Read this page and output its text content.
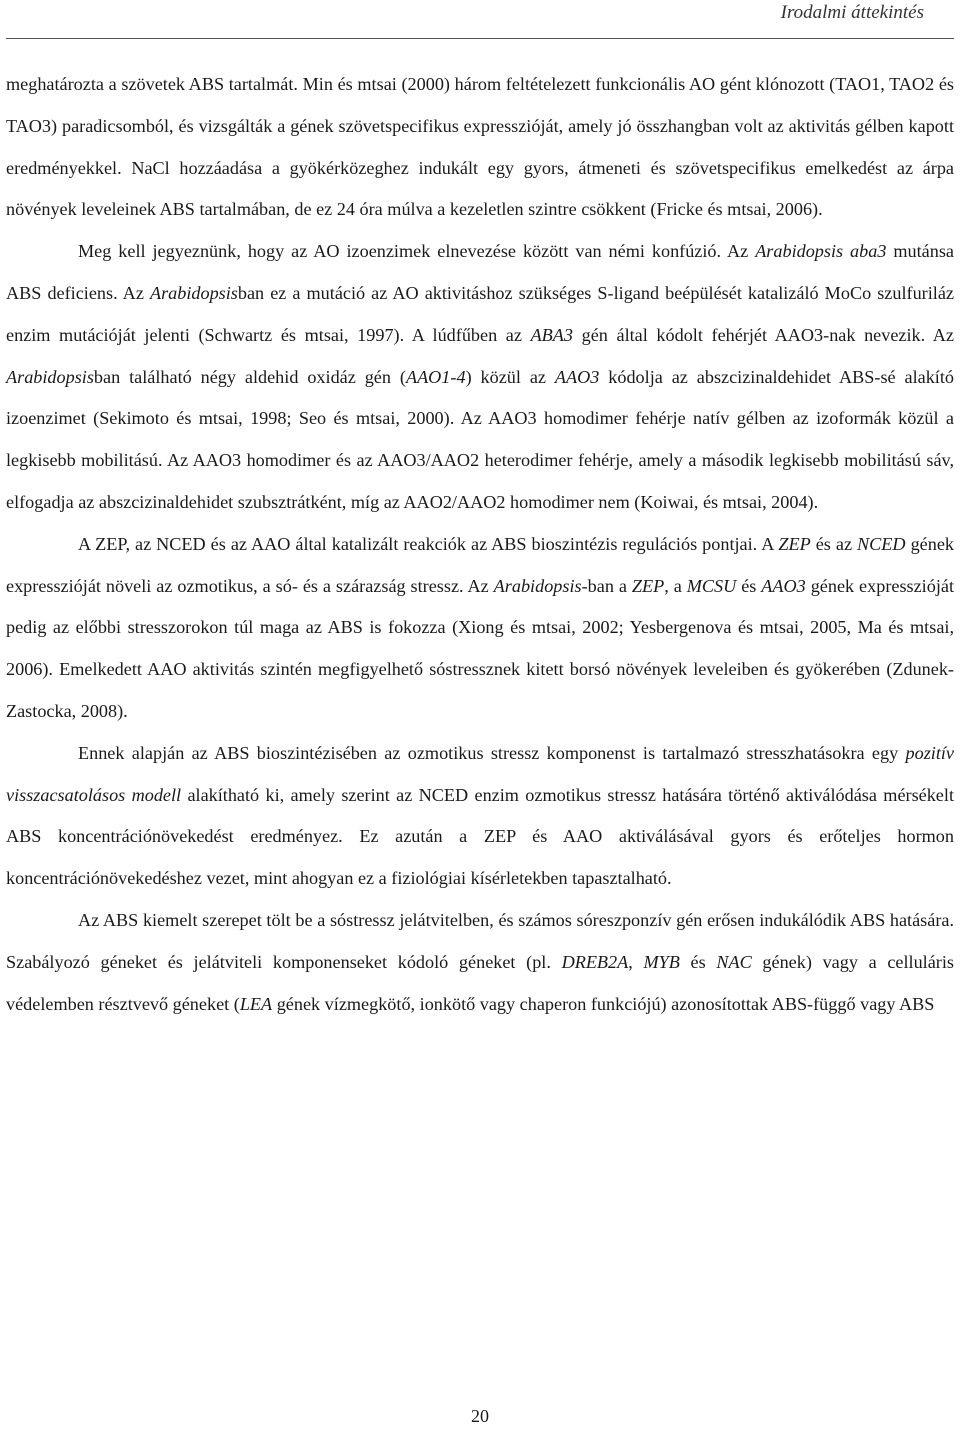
Irodalmi áttekintés

meghatározta a szövetek ABS tartalmát. Min és mtsai (2000) három feltételezett funkcionális AO gént klónozott (TAO1, TAO2 és TAO3) paradicsomból, és vizsgálták a gének szövetspecifikus expresszióját, amely jó összhangban volt az aktivitás gélben kapott eredményekkel. NaCl hozzáadása a gyökérközeghez indukált egy gyors, átmeneti és szövetspecifikus emelkedést az árpa növények leveleinek ABS tartalmában, de ez 24 óra múlva a kezeletlen szintre csökkent (Fricke és mtsai, 2006).

Meg kell jegyeznünk, hogy az AO izoenzimek elnevezése között van némi konfúzió. Az Arabidopsis aba3 mutánsa ABS deficiens. Az Arabidopsisban ez a mutáció az AO aktivitáshoz szükséges S-ligand beépülését katalizáló MoCo szulfuriláz enzim mutációját jelenti (Schwartz és mtsai, 1997). A lúdfűben az ABA3 gén által kódolt fehérjét AAO3-nak nevezik. Az Arabidopsisban található négy aldehid oxidáz gén (AAO1-4) közül az AAO3 kódolja az abszcizinaldehidet ABS-sé alakító izoenzimet (Sekimoto és mtsai, 1998; Seo és mtsai, 2000). Az AAO3 homodimer fehérje natív gélben az izoformák közül a legkisebb mobilitású. Az AAO3 homodimer és az AAO3/AAO2 heterodimer fehérje, amely a második legkisebb mobilitású sáv, elfogadja az abszcizinaldehidet szubsztrátként, míg az AAO2/AAO2 homodimer nem (Koiwai, és mtsai, 2004).

A ZEP, az NCED és az AAO által katalizált reakciók az ABS bioszintézis regulációs pontjai. A ZEP és az NCED gének expresszióját növeli az ozmotikus, a só- és a szárazság stressz. Az Arabidopsis-ban a ZEP, a MCSU és AAO3 gének expresszióját pedig az előbbi stresszorokon túl maga az ABS is fokozza (Xiong és mtsai, 2002; Yesbergenova és mtsai, 2005, Ma és mtsai, 2006). Emelkedett AAO aktivitás szintén megfigyelhető sóstressznek kitett borsó növények leveleiben és gyökerében (Zdunek-Zastocka, 2008).

Ennek alapján az ABS bioszintézisében az ozmotikus stressz komponenst is tartalmazó stresszhatásokra egy pozitív visszacsatolásos modell alakítható ki, amely szerint az NCED enzim ozmotikus stressz hatására történő aktiválódása mérsékelt ABS koncentrációnövekedést eredményez. Ez azután a ZEP és AAO aktiválásával gyors és erőteljes hormon koncentrációnövekedéshez vezet, mint ahogyan ez a fiziológiai kísérletekben tapasztalható.

Az ABS kiemelt szerepet tölt be a sóstressz jelátvitelben, és számos sóreszponzív gén erősen indukálódik ABS hatására. Szabályozó géneket és jelátviteli komponenseket kódoló géneket (pl. DREB2A, MYB és NAC gének) vagy a celluláris védelemben résztvevő géneket (LEA gének vízmegkötő, ionkötő vagy chaperon funkciójú) azonosítottak ABS-függő vagy ABS

20
